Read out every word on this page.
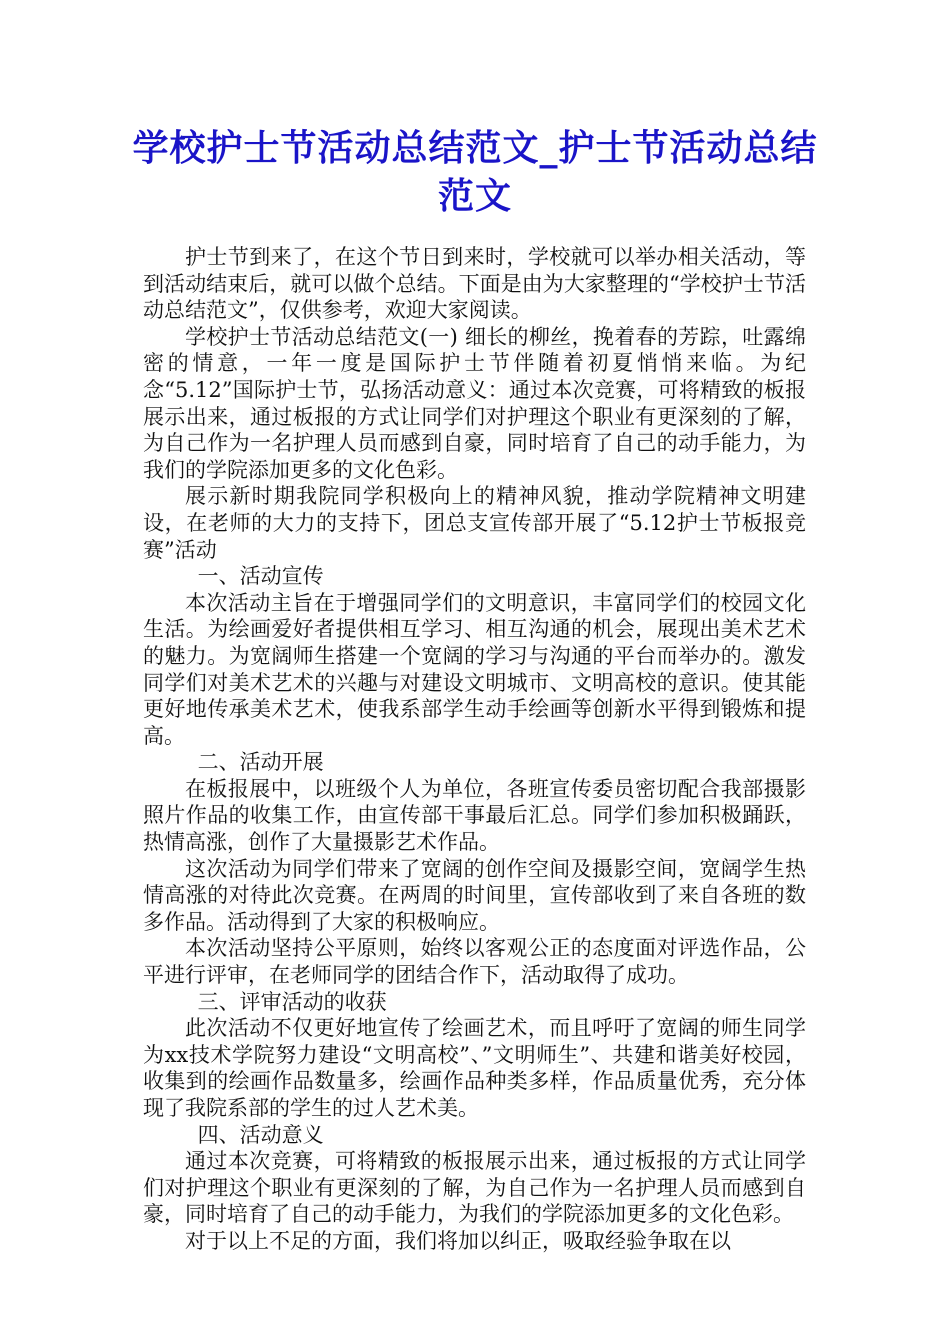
学校护士节活动总结范文_护士节活动总结范文

护士节到来了，在这个节日到来时，学校就可以举办相关活动，等到活动结束后，就可以做个总结。下面是由为大家整理的“学校护士节活动总结范文”，仅供参考，欢迎大家阅读。

学校护士节活动总结范文(一) 细长的柳丝，挽着春的芳踪，吐露绵密的情意，一年一度是国际护士节伴随着初夏悄悄来临。为纪念“5.12”国际护士节，弘扬活动意义：通过本次竞赛，可将精致的板报展示出来，通过板报的方式让同学们对护理这个职业有更深刻的了解，为自己作为一名护理人员而感到自豪，同时培育了自己的动手能力，为我们的学院添加更多的文化色彩。

展示新时期我院同学积极向上的精神风貌，推动学院精神文明建设，在老师的大力的支持下，团总支宣传部开展了“5.12护士节板报竞赛”活动

一、活动宣传

本次活动主旨在于增强同学们的文明意识，丰富同学们的校园文化生活。为绘画爱好者提供相互学习、相互沟通的机会，展现出美术艺术的魅力。为宽阔师生搭建一个宽阔的学习与沟通的平台而举办的。激发同学们对美术艺术的兴趣与对建设文明城市、文明高校的意识。使其能更好地传承美术艺术，使我系部学生动手绘画等创新水平得到锻炼和提高。

二、活动开展

在板报展中，以班级个人为单位，各班宣传委员密切配合我部摄影照片作品的收集工作，由宣传部干事最后汇总。同学们参加积极踊跃，热情高涨，创作了大量摄影艺术作品。

这次活动为同学们带来了宽阔的创作空间及摄影空间，宽阔学生热情高涨的对待此次竞赛。在两周的时间里，宣传部收到了来自各班的数多作品。活动得到了大家的积极响应。

本次活动坚持公平原则，始终以客观公正的态度面对评选作品，公平进行评审，在老师同学的团结合作下，活动取得了成功。

三、评审活动的收获

此次活动不仅更好地宣传了绘画艺术，而且呼吁了宽阔的师生同学为xx技术学院努力建设“文明高校”、”文明师生”、共建和谐美好校园，收集到的绘画作品数量多，绘画作品种类多样，作品质量优秀，充分体现了我院系部的学生的过人艺术美。

四、活动意义

通过本次竞赛，可将精致的板报展示出来，通过板报的方式让同学们对护理这个职业有更深刻的了解，为自己作为一名护理人员而感到自豪，同时培育了自己的动手能力，为我们的学院添加更多的文化色彩。

对于以上不足的方面，我们将加以纠正，吸取经验争取在以
